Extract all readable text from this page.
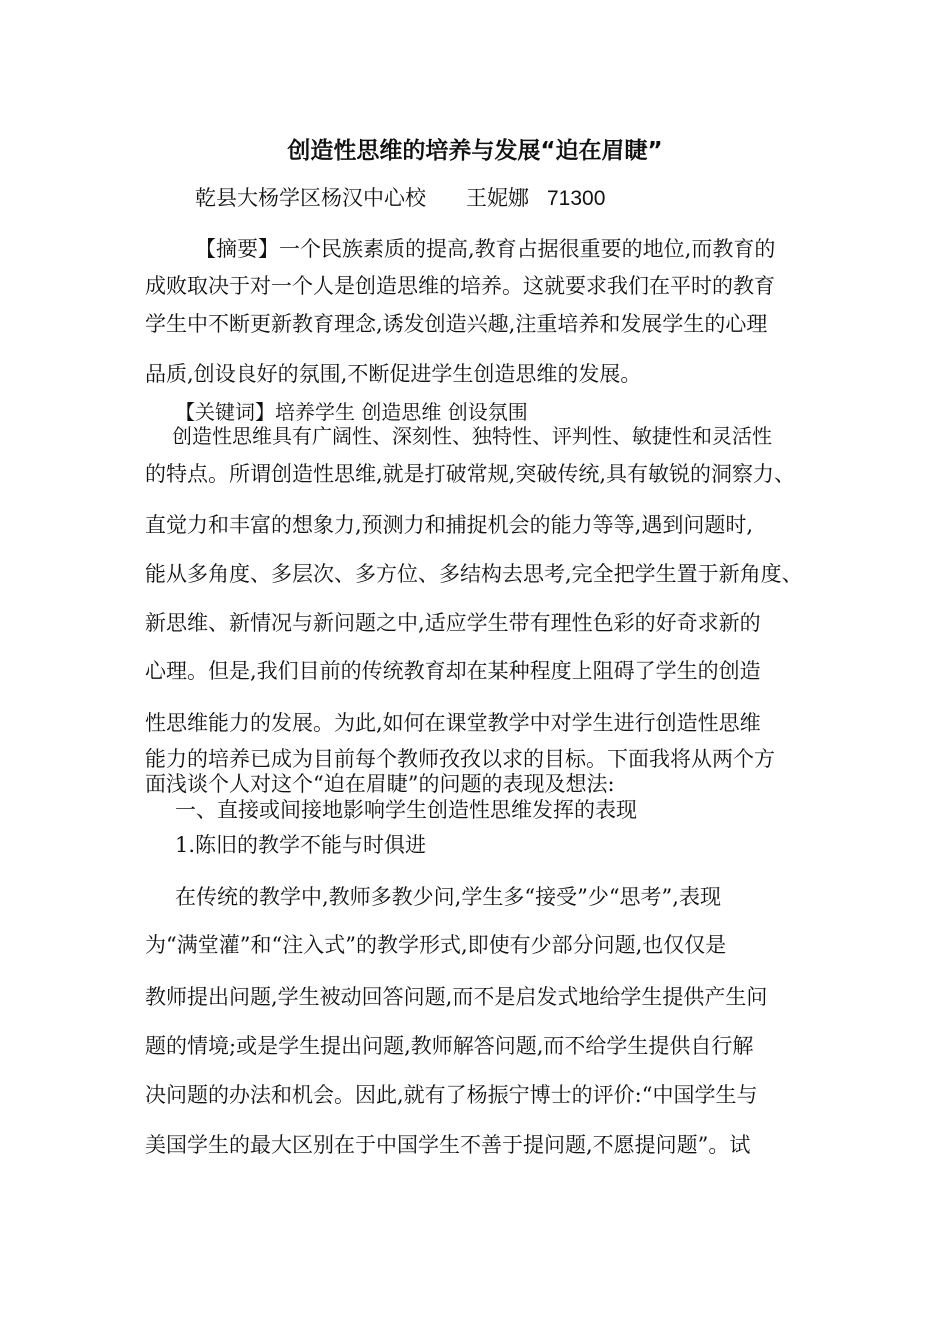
创造性思维的培养与发展“迫在眉睫”
乾县大杨学区杨汉中心校 王妮娜 71300
【摘要】一个民族素质的提高,教育占据很重要的地位,而教育的
成败取决于对一个人是创造思维的培养。这就要求我们在平时的教育
学生中不断更新教育理念,诱发创造兴趣,注重培养和发展学生的心理
品质,创设良好的氛围,不断促进学生创造思维的发展。
【关键词】培养学生 创造思维 创设氛围
创造性思维具有广阔性、深刻性、独特性、评判性、敏捷性和灵活性
的特点。所谓创造性思维,就是打破常规,突破传统,具有敏锐的洞察力、
直觉力和丰富的想象力,预测力和捕捉机会的能力等等,遇到问题时,
能从多角度、多层次、多方位、多结构去思考,完全把学生置于新角度、
新思维、新情况与新问题之中,适应学生带有理性色彩的好奇求新的
心理。但是,我们目前的传统教育却在某种程度上阻碍了学生的创造
性思维能力的发展。为此,如何在课堂教学中对学生进行创造性思维
能力的培养已成为目前每个教师孜孜以求的目标。下面我将从两个方
面浅谈个人对这个“迫在眉睫”的问题的表现及想法:
一、直接或间接地影响学生创造性思维发挥的表现
1.陈旧的教学不能与时俱进
在传统的教学中,教师多教少问,学生多“接受”少“思考”,表现
为“满堂灌”和“注入式”的教学形式,即使有少部分问题,也仅仅是
教师提出问题,学生被动回答问题,而不是启发式地给学生提供产生问
题的情境;或是学生提出问题,教师解答问题,而不给学生提供自行解
决问题的办法和机会。因此,就有了杨振宁博士的评价:“中国学生与
美国学生的最大区别在于中国学生不善于提问题,不愿提问题”。试
